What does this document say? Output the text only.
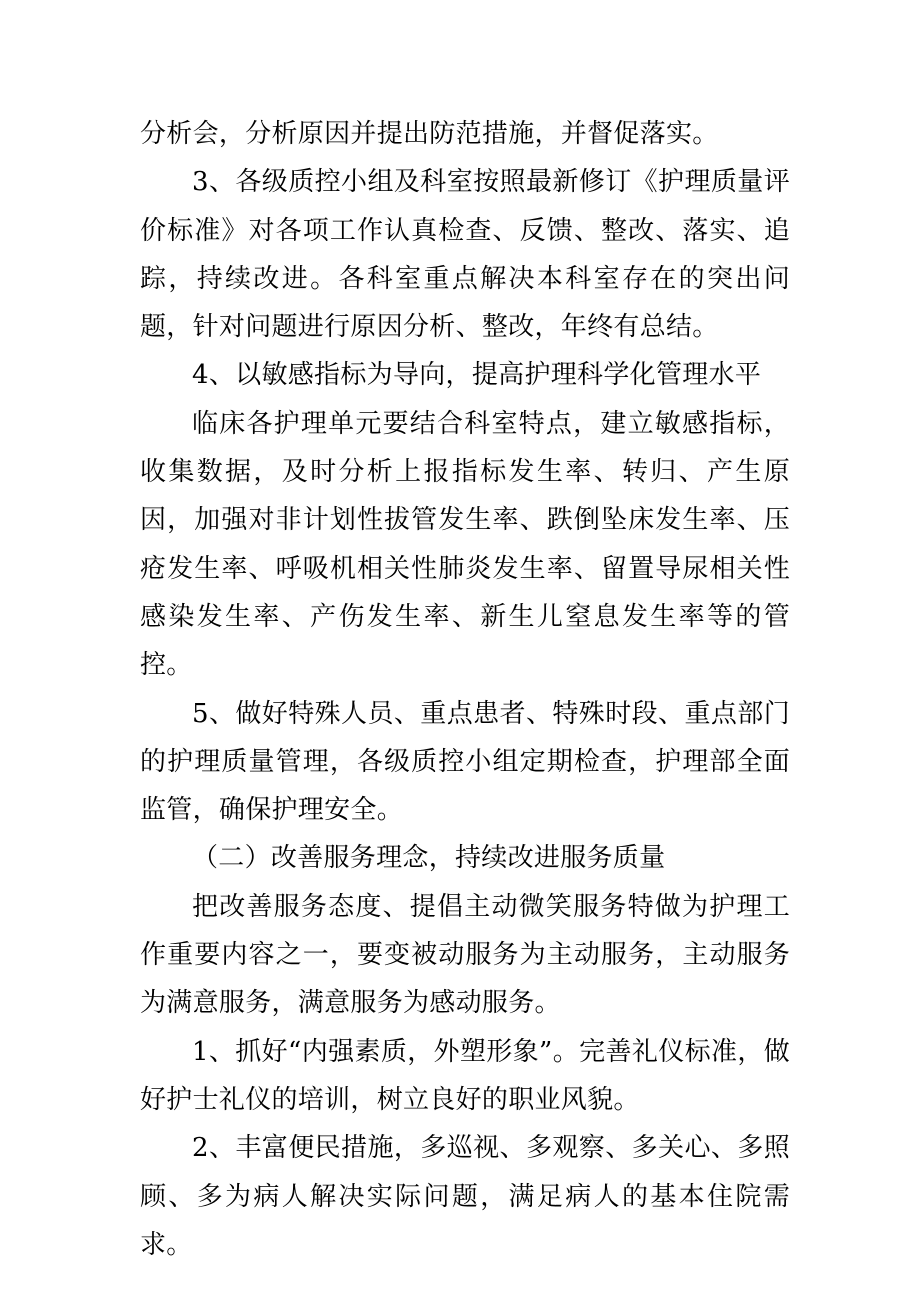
分析会，分析原因并提出防范措施，并督促落实。

3、各级质控小组及科室按照最新修订《护理质量评价标准》对各项工作认真检查、反馈、整改、落实、追踪，持续改进。各科室重点解决本科室存在的突出问题，针对问题进行原因分析、整改，年终有总结。

4、以敏感指标为导向，提高护理科学化管理水平

临床各护理单元要结合科室特点，建立敏感指标，收集数据，及时分析上报指标发生率、转归、产生原因，加强对非计划性拔管发生率、跌倒坠床发生率、压疮发生率、呼吸机相关性肺炎发生率、留置导尿相关性感染发生率、产伤发生率、新生儿窒息发生率等的管控。

5、做好特殊人员、重点患者、特殊时段、重点部门的护理质量管理，各级质控小组定期检查，护理部全面监管，确保护理安全。

（二）改善服务理念，持续改进服务质量

把改善服务态度、提倡主动微笑服务特做为护理工作重要内容之一，要变被动服务为主动服务，主动服务为满意服务，满意服务为感动服务。

1、抓好“内强素质，外塑形象”。完善礼仪标准，做好护士礼仪的培训，树立良好的职业风貌。

2、丰富便民措施，多巡视、多观察、多关心、多照顾、多为病人解决实际问题，满足病人的基本住院需求。
